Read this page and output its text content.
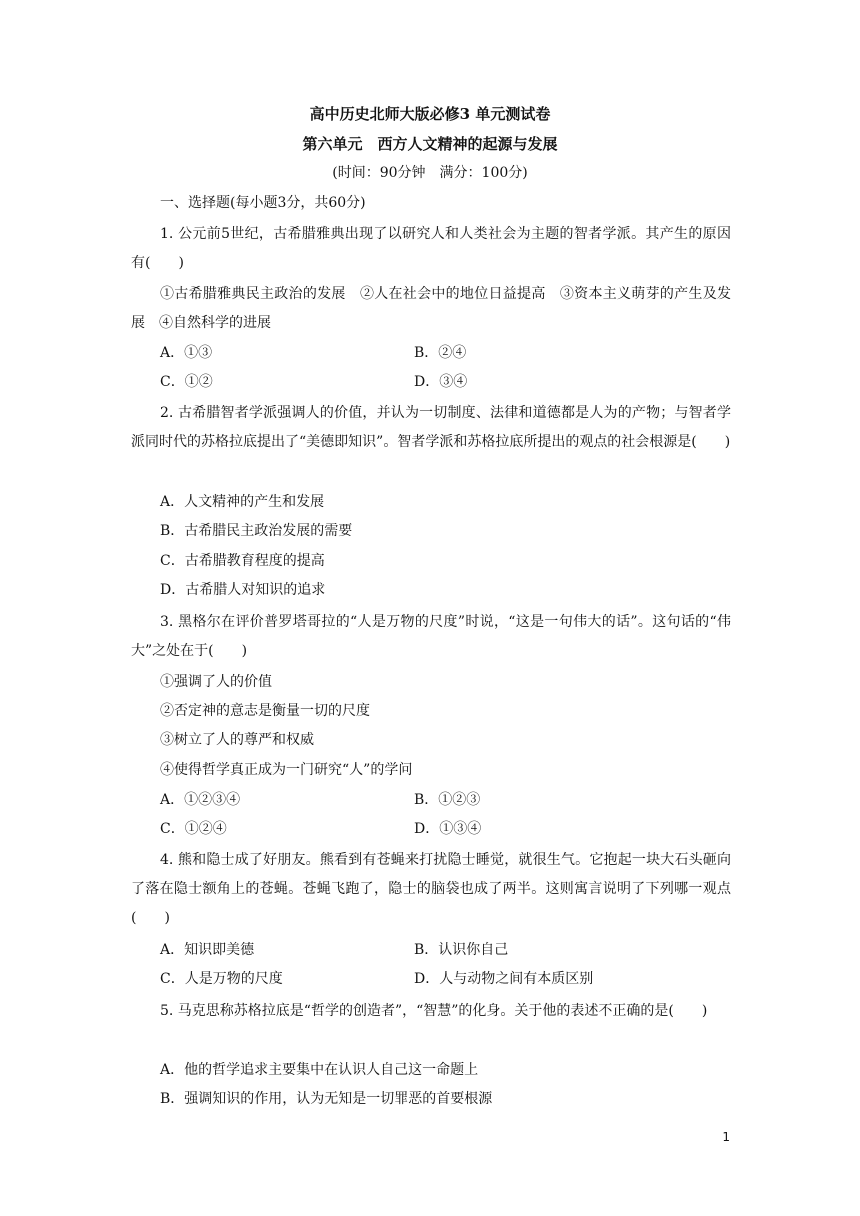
高中历史北师大版必修3 单元测试卷
第六单元　西方人文精神的起源与发展
(时间：90分钟　满分：100分)
一、选择题(每小题3分，共60分)
1. 公元前5世纪，古希腊雅典出现了以研究人和人类社会为主题的智者学派。其产生的原因有(　　)
①古希腊雅典民主政治的发展　②人在社会中的地位日益提高　③资本主义萌芽的产生及发展　④自然科学的进展
A．①③	B．②④
C．①②	D．③④
2. 古希腊智者学派强调人的价值，并认为一切制度、法律和道德都是人为的产物；与智者学派同时代的苏格拉底提出了“美德即知识”。智者学派和苏格拉底所提出的观点的社会根源是(　　)
A．人文精神的产生和发展
B．古希腊民主政治发展的需要
C．古希腊教育程度的提高
D．古希腊人对知识的追求
3. 黑格尔在评价普罗塔哥拉的“人是万物的尺度”时说，“这是一句伟大的话”。这句话的“伟大”之处在于(　　)
①强调了人的价值
②否定神的意志是衡量一切的尺度
③树立了人的尊严和权威
④使得哲学真正成为一门研究“人”的学问
A．①②③④	B．①②③
C．①②④	D．①③④
4. 熊和隐士成了好朋友。熊看到有苍蝇来打扰隐士睡觉，就很生气。它抱起一块大石头砸向了落在隐士额角上的苍蝇。苍蝇飞跑了，隐士的脑袋也成了两半。这则寓言说明了下列哪一观点(　　)
A．知识即美德	B．认识你自己
C．人是万物的尺度	D．人与动物之间有本质区别
5. 马克思称苏格拉底是“哲学的创造者”，“智慧”的化身。关于他的表述不正确的是(　　)
A．他的哲学追求主要集中在认识人自己这一命题上
B．强调知识的作用，认为无知是一切罪恶的首要根源
1
